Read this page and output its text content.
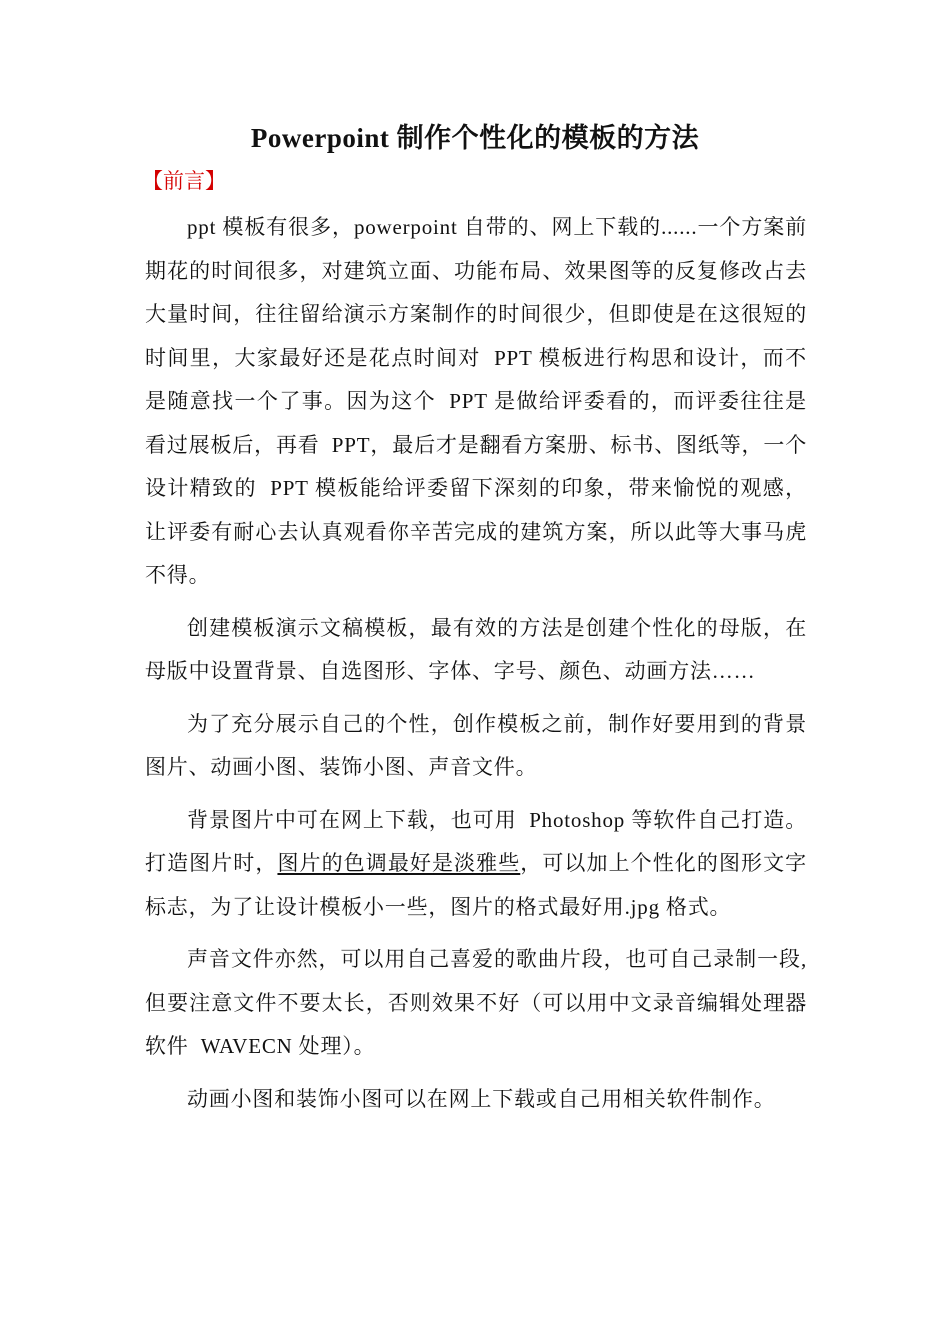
Powerpoint 制作个性化的模板的方法

【前言】

ppt 模板有很多，powerpoint 自带的、网上下载的......一个方案前期花的时间很多，对建筑立面、功能布局、效果图等的反复修改占去大量时间，往往留给演示方案制作的时间很少，但即使是在这很短的时间里，大家最好还是花点时间对  PPT 模板进行构思和设计，而不  是随意找一个了事。因为这个  PPT 是做给评委看的，而评委往往是  看过展板后，再看  PPT，最后才是翻看方案册、标书、图纸等，一个  设计精致的  PPT 模板能给评委留下深刻的印象，带来愉悦的观感，   让评委有耐心去认真观看你辛苦完成的建筑方案，所以此等大事马虎  不得。

创建模板演示文稿模板，最有效的方法是创建个性化的母版，在母版中设置背景、自选图形、字体、字号、颜色、动画方法……

为了充分展示自己的个性，创作模板之前，制作好要用到的背景图片、动画小图、装饰小图、声音文件。

背景图片中可在网上下载，也可用  Photoshop 等软件自己打造。  打造图片时，图片的色调最好是淡雅些，可以加上个性化的图形文字  标志，为了让设计模板小一些，图片的格式最好用.jpg 格式。

声音文件亦然，可以用自己喜爱的歌曲片段，也可自己录制一段, 但要注意文件不要太长，否则效果不好（可以用中文录音编辑处理器  软件  WAVECN 处理）。

动画小图和装饰小图可以在网上下载或自己用相关软件制作。
